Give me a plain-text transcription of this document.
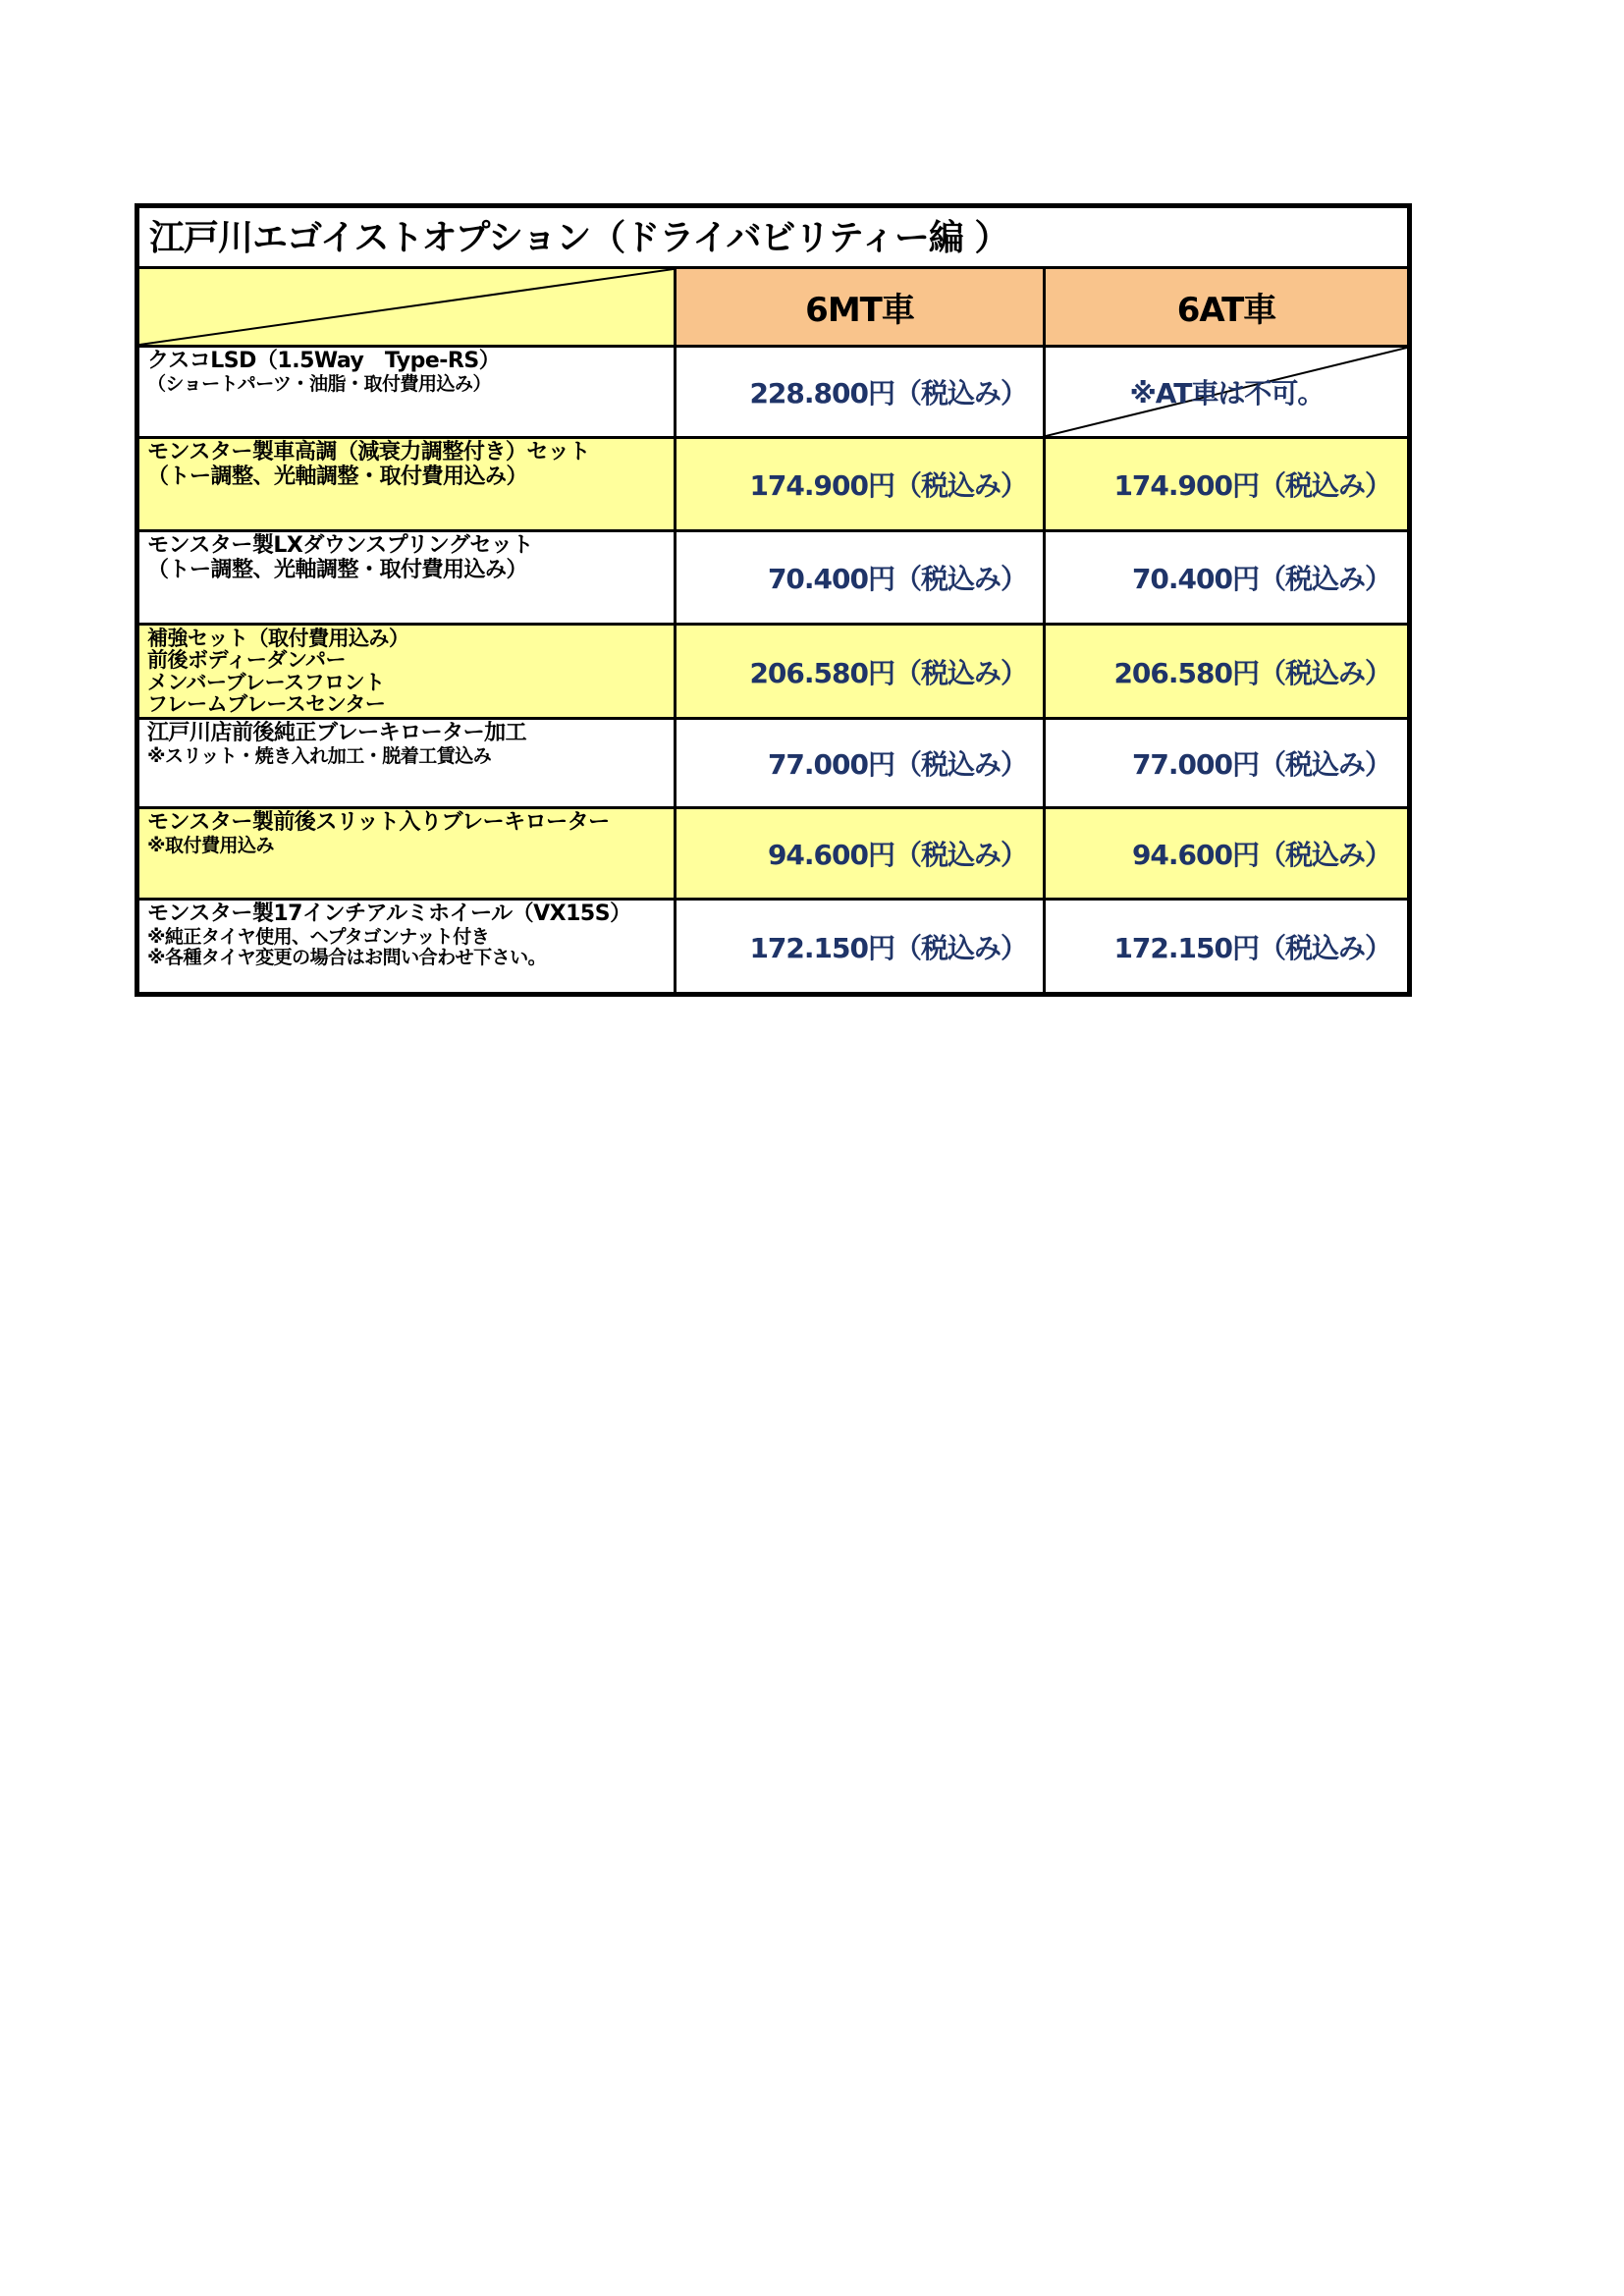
江戸川エゴイストオプション（ドライバビリティー編 ）		

	6MT車	6AT車

クスコLSD（1.5Way　Type-RS）
（ショートパーツ・油脂・取付費用込み）	228.800円（税込み）	※AT車は不可。

モンスター製車高調（減衰力調整付き）セット
（トー調整、光軸調整・取付費用込み）	174.900円（税込み）	174.900円（税込み）

モンスター製LXダウンスプリングセット
（トー調整、光軸調整・取付費用込み）	70.400円（税込み）	70.400円（税込み）

補強セット（取付費用込み）
前後ボディーダンパー
メンバーブレースフロント
フレームブレースセンター	206.580円（税込み）	206.580円（税込み）

江戸川店前後純正ブレーキローター加工
※スリット・焼き入れ加工・脱着工賃込み	77.000円（税込み）	77.000円（税込み）

モンスター製前後スリット入りブレーキローター
※取付費用込み	94.600円（税込み）	94.600円（税込み）

モンスター製17インチアルミホイール（VX15S）
※純正タイヤ使用、ヘプタゴンナット付き
※各種タイヤ変更の場合はお問い合わせ下さい。	172.150円（税込み）	172.150円（税込み）
